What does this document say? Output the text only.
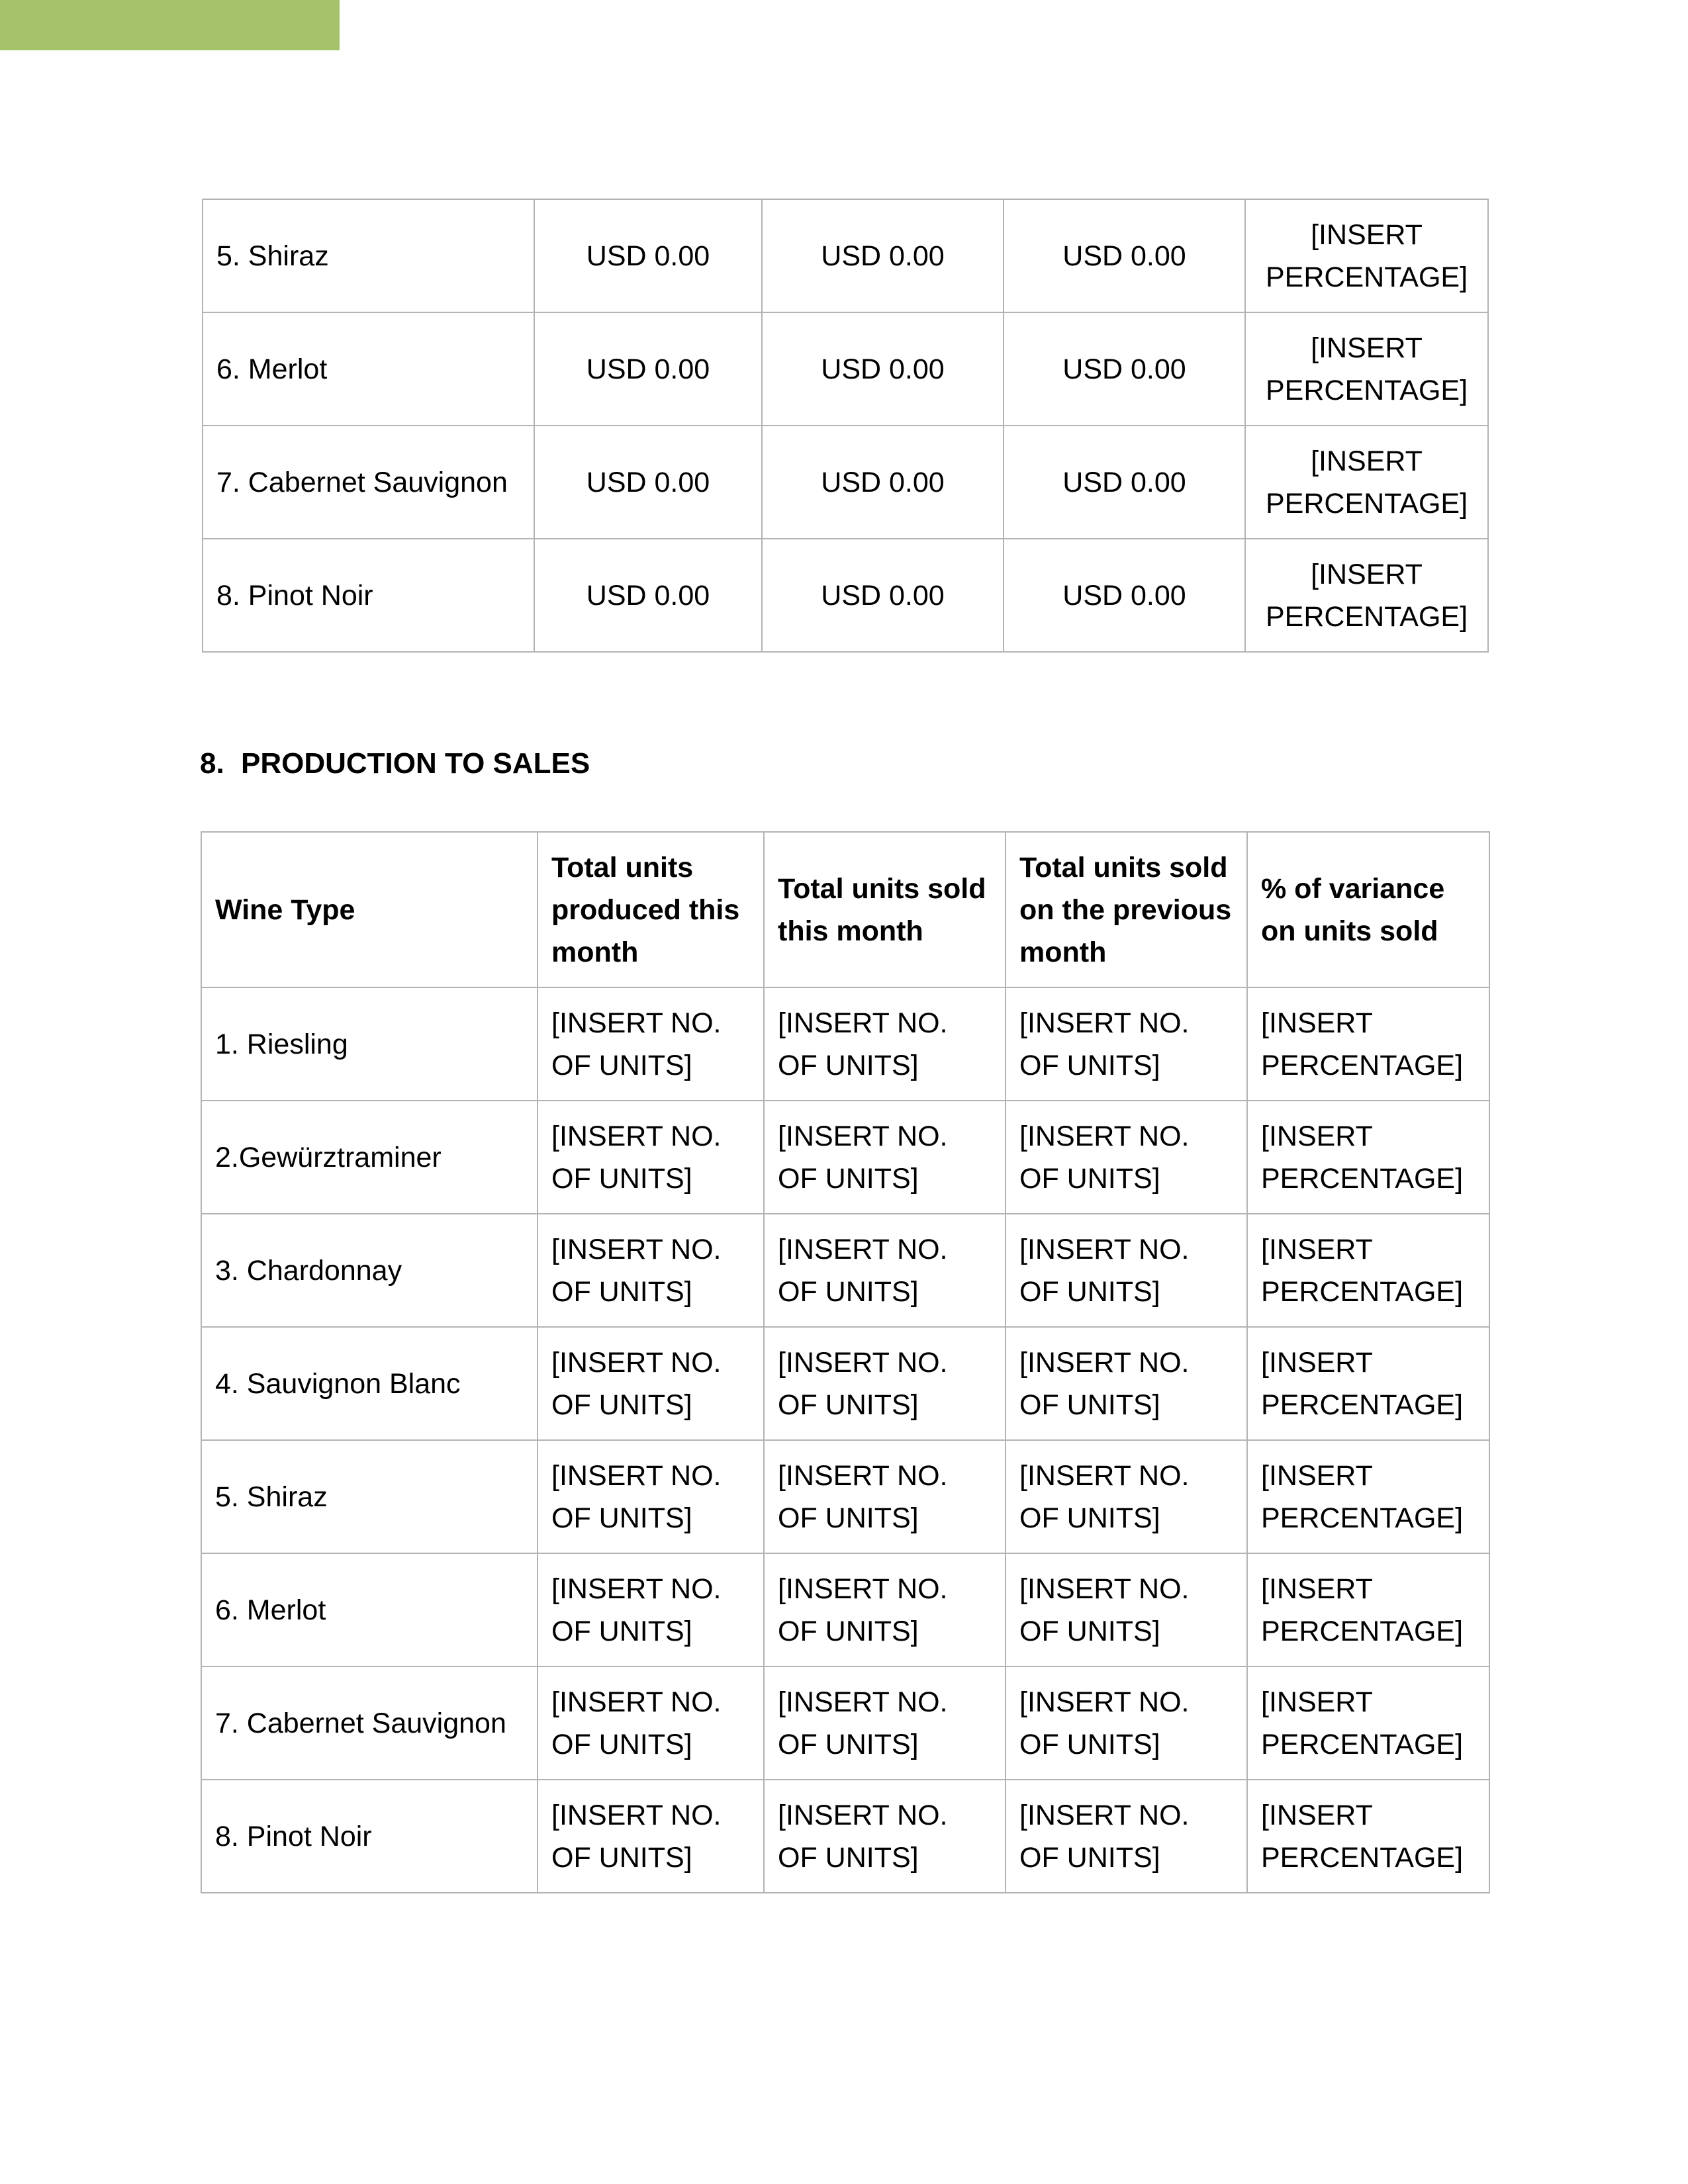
5. Shiraz	USD 0.00	USD 0.00	USD 0.00	[INSERT PERCENTAGE]
6. Merlot	USD 0.00	USD 0.00	USD 0.00	[INSERT PERCENTAGE]
7. Cabernet Sauvignon	USD 0.00	USD 0.00	USD 0.00	[INSERT PERCENTAGE]
8. Pinot Noir	USD 0.00	USD 0.00	USD 0.00	[INSERT PERCENTAGE]
8. PRODUCTION TO SALES
Wine Type	Total units produced this month	Total units sold this month	Total units sold on the previous month	% of variance on units sold
1. Riesling	[INSERT NO. OF UNITS]	[INSERT NO. OF UNITS]	[INSERT NO. OF UNITS]	[INSERT PERCENTAGE]
2.Gewürztraminer	[INSERT NO. OF UNITS]	[INSERT NO. OF UNITS]	[INSERT NO. OF UNITS]	[INSERT PERCENTAGE]
3. Chardonnay	[INSERT NO. OF UNITS]	[INSERT NO. OF UNITS]	[INSERT NO. OF UNITS]	[INSERT PERCENTAGE]
4. Sauvignon Blanc	[INSERT NO. OF UNITS]	[INSERT NO. OF UNITS]	[INSERT NO. OF UNITS]	[INSERT PERCENTAGE]
5. Shiraz	[INSERT NO. OF UNITS]	[INSERT NO. OF UNITS]	[INSERT NO. OF UNITS]	[INSERT PERCENTAGE]
6. Merlot	[INSERT NO. OF UNITS]	[INSERT NO. OF UNITS]	[INSERT NO. OF UNITS]	[INSERT PERCENTAGE]
7. Cabernet Sauvignon	[INSERT NO. OF UNITS]	[INSERT NO. OF UNITS]	[INSERT NO. OF UNITS]	[INSERT PERCENTAGE]
8. Pinot Noir	[INSERT NO. OF UNITS]	[INSERT NO. OF UNITS]	[INSERT NO. OF UNITS]	[INSERT PERCENTAGE]
